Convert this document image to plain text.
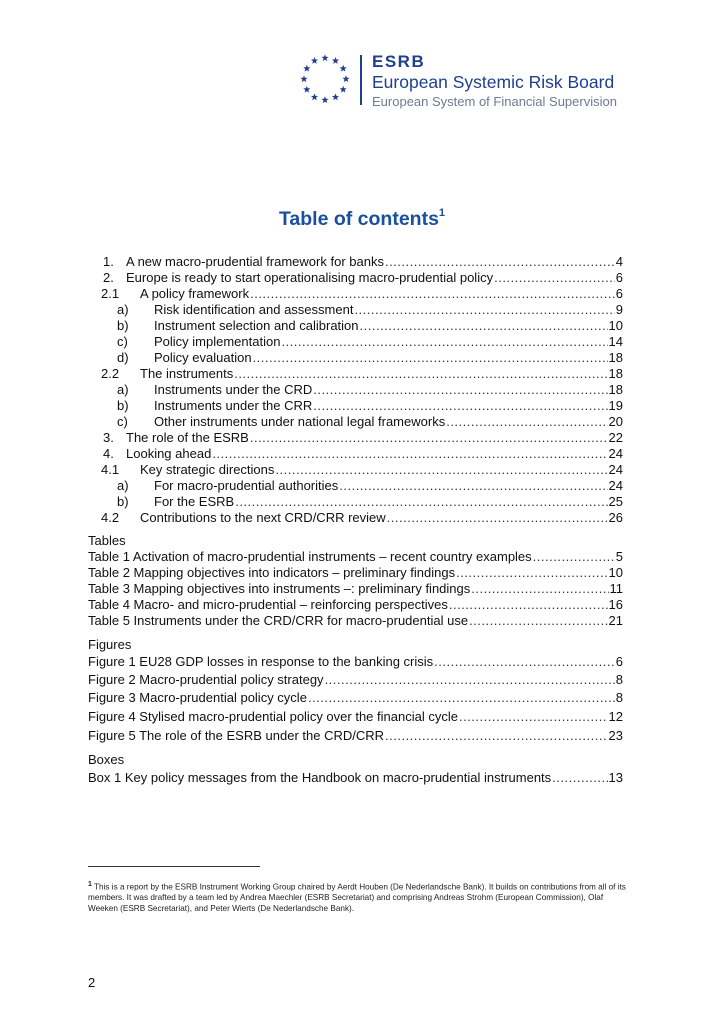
ESRB
European Systemic Risk Board
European System of Financial Supervision
Table of contents$^1$
1. A new macro-prudential framework for banks .....	4
2. Europe is ready to start operationalising macro-prudential policy .....	6
2.1	A policy framework .....	6
a)	Risk identification and assessment .....	9
b)	Instrument selection and calibration .....	10
c)	Policy implementation .....	14
d)	Policy evaluation .....	18
2.2	The instruments .....	18
a)	Instruments under the CRD .....	18
b)	Instruments under the CRR .....	19
c)	Other instruments under national legal frameworks .....	20
3. The role of the ESRB .....	22
4. Looking ahead .....	24
4.1	Key strategic directions .....	24
a)	For macro-prudential authorities .....	24
b)	For the ESRB .....	25
4.2	Contributions to the next CRD/CRR review .....	26
Tables
Table 1 Activation of macro-prudential instruments – recent country examples .....	5
Table 2 Mapping objectives into indicators – preliminary findings .....	10
Table 3 Mapping objectives into instruments –: preliminary findings .....	11
Table 4 Macro- and micro-prudential – reinforcing perspectives .....	16
Table 5 Instruments under the CRD/CRR for macro-prudential use .....	21
Figures
Figure 1 EU28 GDP losses in response to the banking crisis .....	6
Figure 2 Macro-prudential policy strategy .....	8
Figure 3 Macro-prudential policy cycle .....	8
Figure 4 Stylised macro-prudential policy over the financial cycle .....	12
Figure 5 The role of the ESRB under the CRD/CRR .....	23
Boxes
Box 1 Key policy messages from the Handbook on macro-prudential instruments .....	13
$^1$ This is a report by the ESRB Instrument Working Group chaired by Aerdt Houben (De Nederlandsche Bank). It builds on contributions from all of its members. It was drafted by a team led by Andrea Maechler (ESRB Secretariat) and comprising Andreas Strohm (European Commission), Olaf Weeken (ESRB Secretariat), and Peter Wierts (De Nederlandsche Bank).
2
